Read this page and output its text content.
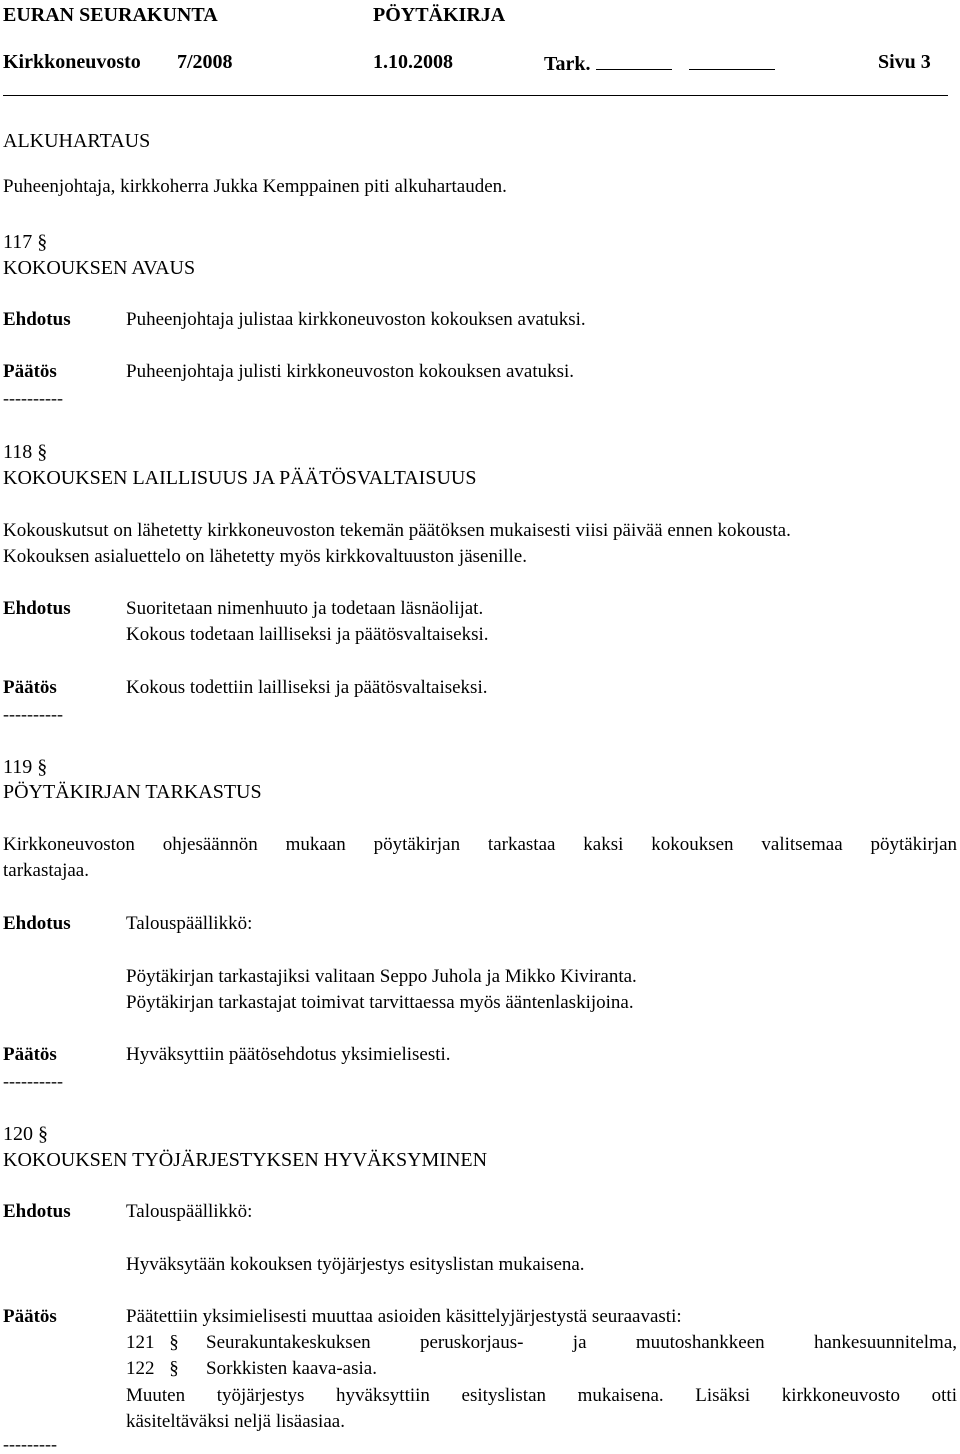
EURAN SEURAKUNTA	PÖYTÄKIRJA
Kirkkoneuvosto 7/2008	1.10.2008	Tark.	Sivu 3
ALKUHARTAUS
Puheenjohtaja, kirkkoherra Jukka Kemppainen piti alkuhartauden.
117 §
KOKOUKSEN AVAUS
Ehdotus	Puheenjohtaja julistaa kirkkoneuvoston kokouksen avatuksi.
Päätös	Puheenjohtaja julisti kirkkoneuvoston kokouksen avatuksi.
----------
118 §
KOKOUKSEN LAILLISUUS JA PÄÄTÖSVALTAISUUS
Kokouskutsut on lähetetty kirkkoneuvoston tekemän päätöksen mukaisesti viisi päivää ennen kokousta.
Kokouksen asialuettelo on lähetetty myös kirkkovaltuuston jäsenille.
Ehdotus	Suoritetaan nimenhuuto ja todetaan läsnäolijat.
Kokous todetaan lailliseksi ja päätösvaltaiseksi.
Päätös	Kokous todettiin lailliseksi ja päätösvaltaiseksi.
----------
119 §
PÖYTÄKIRJAN TARKASTUS
Kirkkoneuvoston ohjesäännön mukaan pöytäkirjan tarkastaa kaksi kokouksen valitsemaa pöytäkirjan
tarkastajaa.
Ehdotus	Talouspäällikkö:
Pöytäkirjan tarkastajiksi valitaan Seppo Juhola ja Mikko Kiviranta.
Pöytäkirjan tarkastajat toimivat tarvittaessa myös ääntenlaskijoina.
Päätös	Hyväksyttiin päätösehdotus yksimielisesti.
----------
120 §
KOKOUKSEN TYÖJÄRJESTYKSEN HYVÄKSYMINEN
Ehdotus	Talouspäällikkö:
Hyväksytään kokouksen työjärjestys esityslistan mukaisena.
Päätös	Päätettiin yksimielisesti muuttaa asioiden käsittelyjärjestystä seuraavasti:
121 § Seurakuntakeskuksen peruskorjaus- ja muutoshankkeen hankesuunnitelma,
122 § Sorkkisten kaava-asia.
Muuten työjärjestys hyväksyttiin esityslistan mukaisena. Lisäksi kirkkoneuvosto otti
käsiteltäväksi neljä lisäasiaa.
---------
